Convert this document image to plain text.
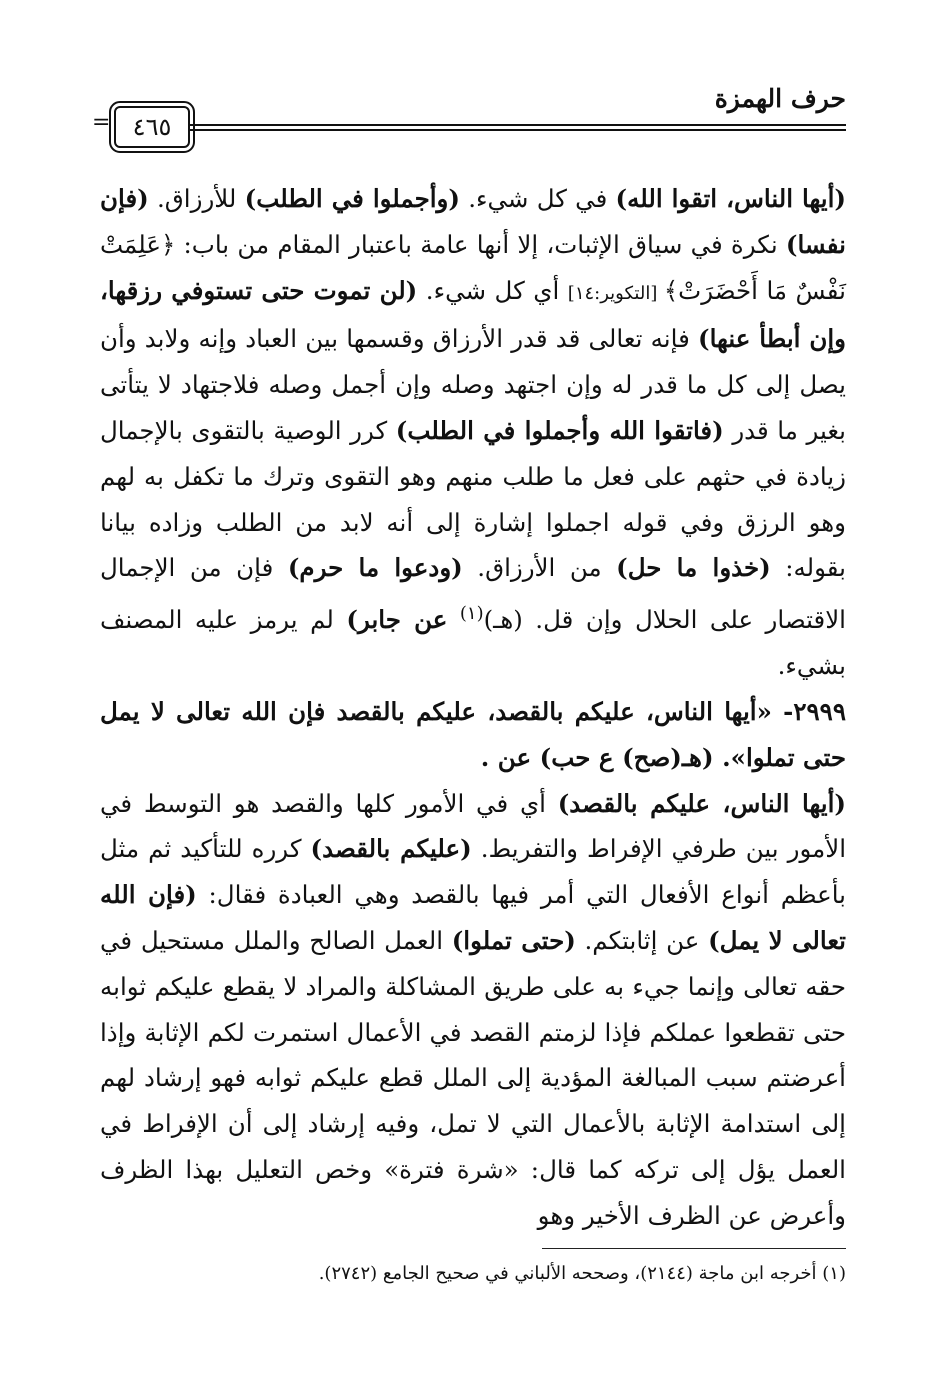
حرف الهمزة
= ٤٦٥

(أيها الناس، اتقوا الله) في كل شيء. (وأجملوا في الطلب) للأرزاق. (فإن نفسا) نكرة في سياق الإثبات، إلا أنها عامة باعتبار المقام من باب: ﴿عَلِمَتْ نَفْسٌ مَا أَحْضَرَتْ﴾ [التكوير:١٤] أي كل شيء. (لن تموت حتى تستوفي رزقها، وإن أبطأ عنها) فإنه تعالى قد قدر الأرزاق وقسمها بين العباد وإنه ولابد وأن يصل إلى كل ما قدر له وإن اجتهد وصله وإن أجمل وصله فلاجتهاد لا يتأتى بغير ما قدر (فاتقوا الله وأجملوا في الطلب) كرر الوصية بالتقوى بالإجمال زيادة في حثهم على فعل ما طلب منهم وهو التقوى وترك ما تكفل به لهم وهو الرزق وفي قوله اجملوا إشارة إلى أنه لابد من الطلب وزاده بيانا بقوله: (خذوا ما حل) من الأرزاق. (ودعوا ما حرم) فإن من الإجمال الاقتصار على الحلال وإن قل. (هـ)$^{(١)}$ عن جابر) لم يرمز عليه المصنف بشيء.

٢٩٩٩- «أيها الناس، عليكم بالقصد، عليكم بالقصد فإن الله تعالى لا يمل حتى تملوا». (هـ(صح) ع حب) عن .

(أيها الناس، عليكم بالقصد) أي في الأمور كلها والقصد هو التوسط في الأمور بين طرفي الإفراط والتفريط. (عليكم بالقصد) كرره للتأكيد ثم مثل بأعظم أنواع الأفعال التي أمر فيها بالقصد وهي العبادة فقال: (فإن الله تعالى لا يمل) عن إثابتكم. (حتى تملوا) العمل الصالح والملل مستحيل في حقه تعالى وإنما جيء به على طريق المشاكلة والمراد لا يقطع عليكم ثوابه حتى تقطعوا عملكم فإذا لزمتم القصد في الأعمال استمرت لكم الإثابة وإذا أعرضتم سبب المبالغة المؤدية إلى الملل قطع عليكم ثوابه فهو إرشاد لهم إلى استدامة الإثابة بالأعمال التي لا تمل، وفيه إرشاد إلى أن الإفراط في العمل يؤل إلى تركه كما قال: «شرة فترة» وخص التعليل بهذا الظرف وأعرض عن الظرف الأخير وهو

(١) أخرجه ابن ماجة (٢١٤٤)، وصححه الألباني في صحيح الجامع (٢٧٤٢).
